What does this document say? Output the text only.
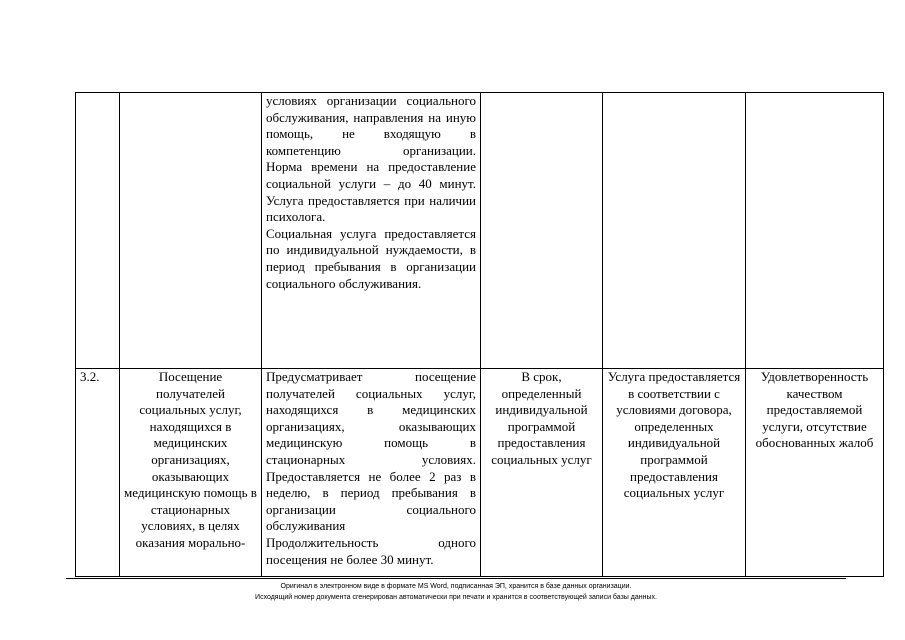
		условиях организации социального обслуживания, направления на иную помощь, не входящую в компетенцию организации.

Норма времени на предоставление социальной услуги – до 40 минут.

Услуга предоставляется при наличии психолога.

Социальная услуга предоставляется по индивидуальной нуждаемости, в период пребывания в организации социального обслуживания.			

3.2.	Посещение получателей социальных услуг, находящихся в медицинских организациях, оказывающих медицинскую помощь в стационарных условиях, в целях оказания морально-	Предусматривает посещение получателей социальных услуг, находящихся в медицинских организациях, оказывающих медицинскую помощь в стационарных условиях.

Предоставляется не более 2 раз в неделю, в период пребывания в организации социального обслуживания

Продолжительность одного посещения не более 30 минут.	В срок, определенный индивидуальной программой предоставления социальных услуг	Услуга предоставляется в соответствии с условиями договора, определенных индивидуальной программой предоставления социальных услуг	Удовлетворенность качеством предоставляемой услуги, отсутствие обоснованных жалоб
Оригинал в электронном виде в формате MS Word, подписанная ЭП, хранится в базе данных организации.
Исходящий номер документа сгенерирован автоматически при печати и хранится в соответствующей записи базы данных.
